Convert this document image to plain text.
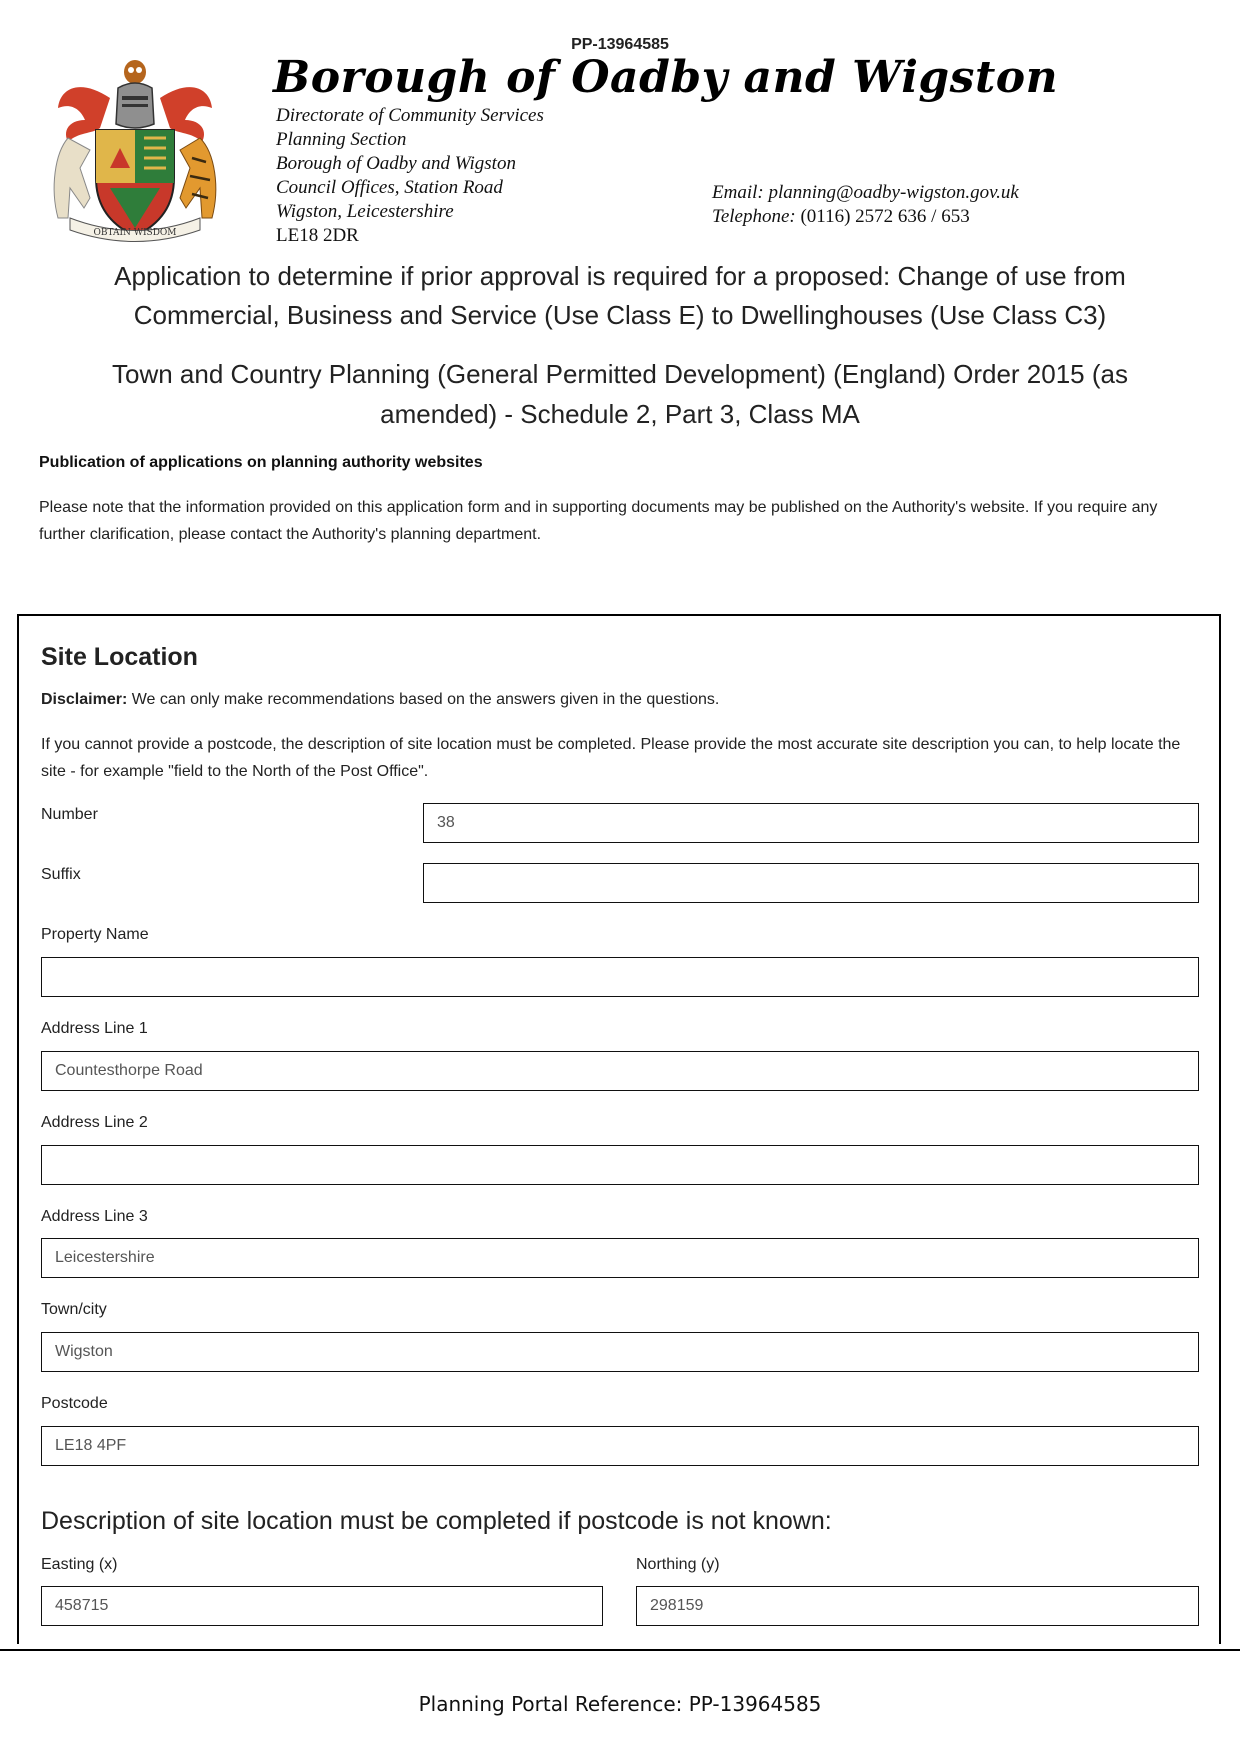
PP-13964585
OBTAIN WISDOM
Borough of Oadby and Wigston
Directorate of Community Services
Planning Section
Borough of Oadby and Wigston
Council Offices, Station Road
Wigston, Leicestershire
LE18 2DR
Email: planning@oadby-wigston.gov.uk
Telephone: (0116) 2572 636 / 653
Application to determine if prior approval is required for a proposed: Change of use from Commercial, Business and Service (Use Class E) to Dwellinghouses (Use Class C3)
Town and Country Planning (General Permitted Development) (England) Order 2015 (as amended) - Schedule 2, Part 3, Class MA
Publication of applications on planning authority websites
Please note that the information provided on this application form and in supporting documents may be published on the Authority's website. If you require any further clarification, please contact the Authority's planning department.
Site Location
Disclaimer: We can only make recommendations based on the answers given in the questions.
If you cannot provide a postcode, the description of site location must be completed. Please provide the most accurate site description you can, to help locate the site - for example "field to the North of the Post Office".
Number	38
Suffix
Property Name
Address Line 1
Countesthorpe Road
Address Line 2
Address Line 3
Leicestershire
Town/city
Wigston
Postcode
LE18 4PF
Description of site location must be completed if postcode is not known:
Easting (x)
458715
Northing (y)
298159
Planning Portal Reference: PP-13964585
